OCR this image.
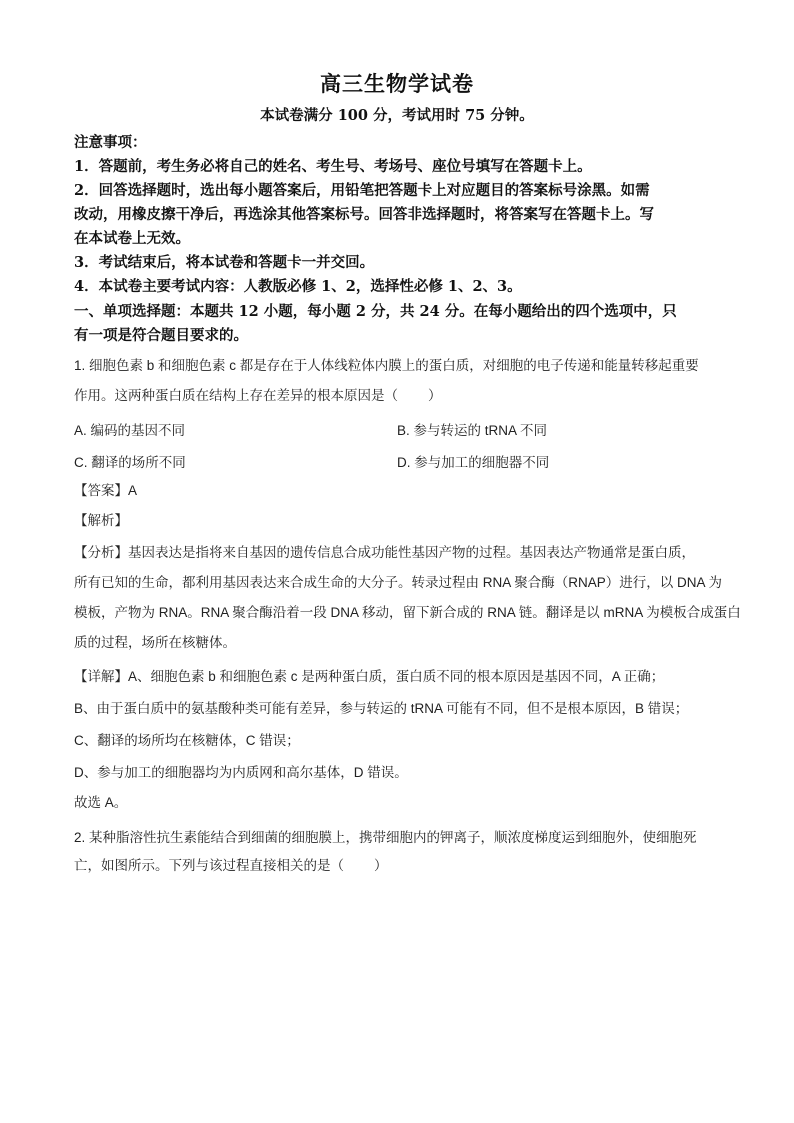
高三生物学试卷
本试卷满分 100 分，考试用时 75 分钟。
注意事项：
1．答题前，考生务必将自己的姓名、考生号、考场号、座位号填写在答题卡上。
2．回答选择题时，选出每小题答案后，用铅笔把答题卡上对应题目的答案标号涂黑。如需
改动，用橡皮擦干净后，再选涂其他答案标号。回答非选择题时，将答案写在答题卡上。写
在本试卷上无效。
3．考试结束后，将本试卷和答题卡一并交回。
4．本试卷主要考试内容：人教版必修 1、2，选择性必修 1、2、3。
一、单项选择题：本题共 12 小题，每小题 2 分，共 24 分。在每小题给出的四个选项中，只
有一项是符合题目要求的。
1. 细胞色素 b 和细胞色素 c 都是存在于人体线粒体内膜上的蛋白质，对细胞的电子传递和能量转移起重要
作用。这两种蛋白质在结构上存在差异的根本原因是（ ）
A. 编码的基因不同	B. 参与转运的 tRNA 不同
C. 翻译的场所不同	D. 参与加工的细胞器不同
【答案】A
【解析】
【分析】基因表达是指将来自基因的遗传信息合成功能性基因产物的过程。基因表达产物通常是蛋白质，
所有已知的生命，都利用基因表达来合成生命的大分子。转录过程由 RNA 聚合酶（RNAP）进行，以 DNA 为
模板，产物为 RNA。RNA 聚合酶沿着一段 DNA 移动，留下新合成的 RNA 链。翻译是以 mRNA 为模板合成蛋白
质的过程，场所在核糖体。
【详解】A、细胞色素 b 和细胞色素 c 是两种蛋白质，蛋白质不同的根本原因是基因不同，A 正确；
B、由于蛋白质中的氨基酸种类可能有差异，参与转运的 tRNA 可能有不同，但不是根本原因，B 错误；
C、翻译的场所均在核糖体，C 错误；
D、参与加工的细胞器均为内质网和高尔基体，D 错误。
故选 A。
2. 某种脂溶性抗生素能结合到细菌的细胞膜上，携带细胞内的钾离子，顺浓度梯度运到细胞外，使细胞死
亡，如图所示。下列与该过程直接相关的是（ ）
